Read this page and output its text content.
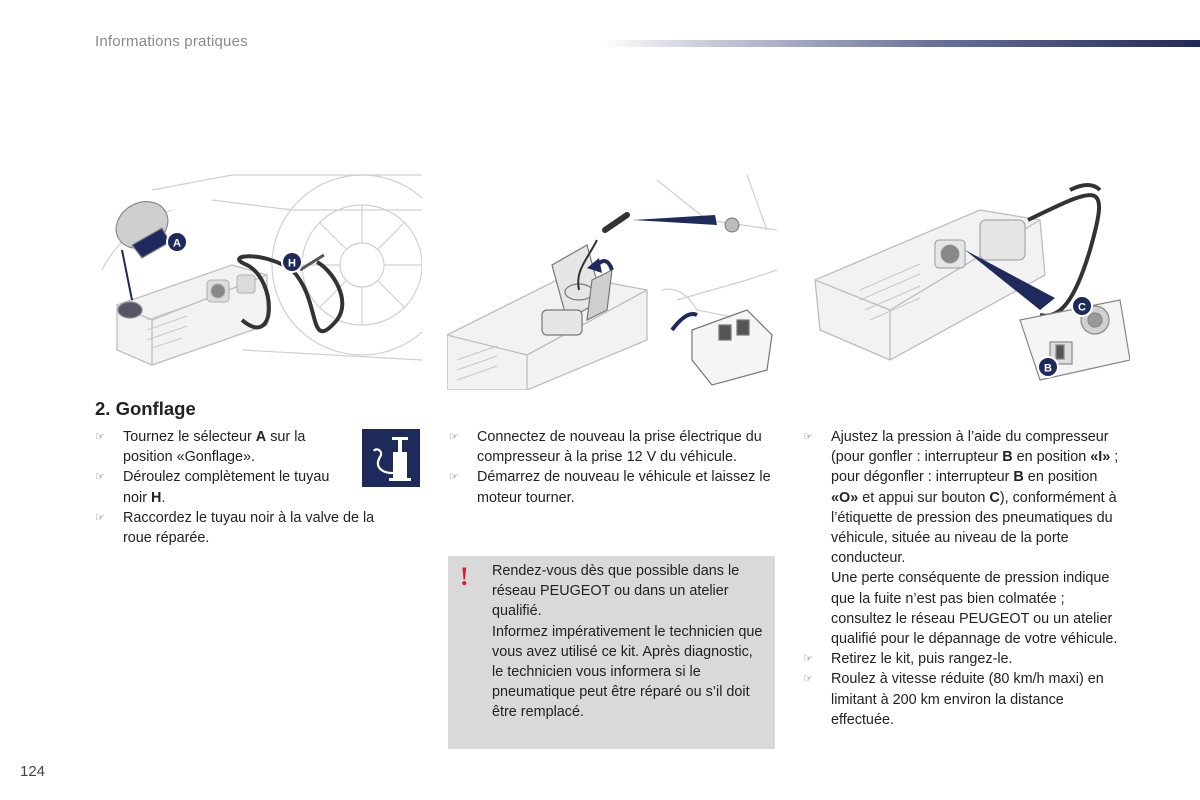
Informations pratiques
A
H
C
B
2. Gonflage
☞ Tournez le sélecteur A sur la position «Gonflage».
☞ Déroulez complètement le tuyau noir H.
☞ Raccordez le tuyau noir à la valve de la roue réparée.
☞ Connectez de nouveau la prise électrique du compresseur à la prise 12 V du véhicule.
☞ Démarrez de nouveau le véhicule et laissez le moteur tourner.
! Rendez-vous dès que possible dans le réseau PEUGEOT ou dans un atelier qualifié.
Informez impérativement le technicien que vous avez utilisé ce kit. Après diagnostic, le technicien vous informera si le pneumatique peut être réparé ou s’il doit être remplacé.
☞ Ajustez la pression à l’aide du compresseur (pour gonfler : interrupteur B en position «I» ; pour dégonfler : interrupteur B en position «O» et appui sur bouton C), conformément à l’étiquette de pression des pneumatiques du véhicule, située au niveau de la porte conducteur.
Une perte conséquente de pression indique que la fuite n’est pas bien colmatée ; consultez le réseau PEUGEOT ou un atelier qualifié pour le dépannage de votre véhicule.
☞ Retirez le kit, puis rangez-le.
☞ Roulez à vitesse réduite (80 km/h maxi) en limitant à 200 km environ la distance effectuée.
124
